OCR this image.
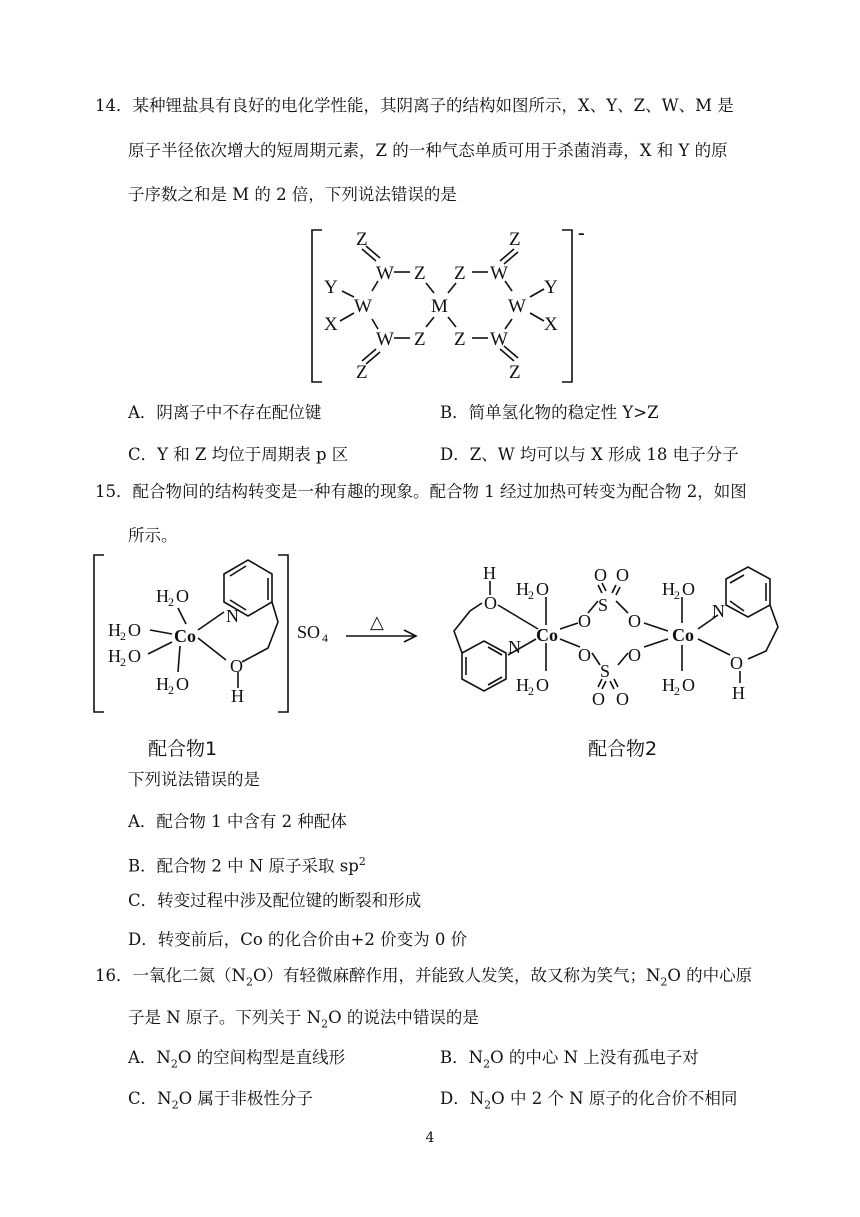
14．某种锂盐具有良好的电化学性能，其阴离子的结构如图所示，X、Y、Z、W、M 是
原子半径依次增大的短周期元素，Z 的一种气态单质可用于杀菌消毒，X 和 Y 的原
子序数之和是 M 的 2 倍，下列说法错误的是
Z	Z
W Z Z W
Y
W	M	W
Y
X	X
W Z Z W
Z	Z
-
A．阴离子中不存在配位键	B．简单氢化物的稳定性 Y>Z
C．Y 和 Z 均位于周期表 p 区	D．Z、W 均可以与 X 形成 18 电子分子
15．配合物间的结构转变是一种有趣的现象。配合物 1 经过加热可转变为配合物 2，如图
所示。
H 2 O
H 2 O Co
N
H 2 O	O
H 2 O
H
SO 4
△
H
O
H 2 O
Co
N
O
S
O O
O
O
S
O O
O
H 2 O
Co
H 2 O
N
H 2 O
O
H
配合物1	配合物2
下列说法错误的是
A．配合物 1 中含有 2 种配体
B．配合物 2 中 N 原子采取 $sp^2$
C．转变过程中涉及配位键的断裂和形成
D．转变前后，Co 的化合价由+2 价变为 0 价
16．一氧化二氮$(N_2O)$有轻微麻醉作用，并能致人发笑，故又称为笑气；$N_2O$ 的中心原
子是 N 原子。下列关于 $N_2O$ 的说法中错误的是
A．$N_2O$ 的空间构型是直线形	B．$N_2O$ 的中心 N 上没有孤电子对
C．$N_2O$ 属于非极性分子	D．$N_2O$ 中 2 个 N 原子的化合价不相同
4
